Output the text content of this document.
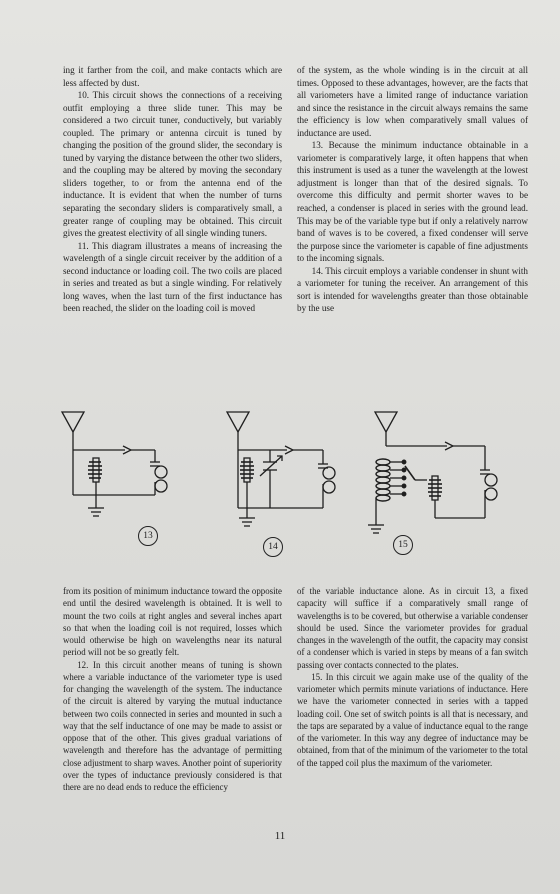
ing it farther from the coil, and make contacts which are less affected by dust.

10. This circuit shows the connections of a receiving outfit employing a three slide tuner. This may be considered a two circuit tuner, conductively, but variably coupled. The primary or antenna circuit is tuned by changing the position of the ground slider, the secondary is tuned by varying the distance between the other two sliders, and the coupling may be altered by moving the secondary sliders together, to or from the antenna end of the inductance. It is evident that when the number of turns separating the secondary sliders is comparatively small, a greater range of coupling may be obtained. This circuit gives the greatest electivity of all single winding tuners.

11. This diagram illustrates a means of increasing the wavelength of a single circuit receiver by the addition of a second inductance or loading coil. The two coils are placed in series and treated as but a single winding. For relatively long waves, when the last turn of the first inductance has been reached, the slider on the loading coil is moved

of the system, as the whole winding is in the circuit at all times. Opposed to these advantages, however, are the facts that all variometers have a limited range of inductance variation and since the resistance in the circuit always remains the same the efficiency is low when comparatively small values of inductance are used.

13. Because the minimum inductance obtainable in a variometer is comparatively large, it often happens that when this instrument is used as a tuner the wavelength at the lowest adjustment is longer than that of the desired signals. To overcome this difficulty and permit shorter waves to be reached, a condenser is placed in series with the ground lead. This may be of the variable type but if only a relatively narrow band of waves is to be covered, a fixed condenser will serve the purpose since the variometer is capable of fine adjustments to the incoming signals.

14. This circuit employs a variable condenser in shunt with a variometer for tuning the receiver. An arrangement of this sort is intended for wavelengths greater than those obtainable by the use

13
14	15

from its position of minimum inductance toward the opposite end until the desired wavelength is obtained. It is well to mount the two coils at right angles and several inches apart so that when the loading coil is not required, losses which would otherwise be high on wavelengths near its natural period will not be so greatly felt.

12. In this circuit another means of tuning is shown where a variable inductance of the variometer type is used for changing the wavelength of the system. The inductance of the circuit is altered by varying the mutual inductance between two coils connected in series and mounted in such a way that the self inductance of one may be made to assist or oppose that of the other. This gives gradual variations of wavelength and therefore has the advantage of permitting close adjustment to sharp waves. Another point of superiority over the types of inductance previously considered is that there are no dead ends to reduce the efficiency

of the variable inductance alone. As in circuit 13, a fixed capacity will suffice if a comparatively small range of wavelengths is to be covered, but otherwise a variable condenser should be used. Since the variometer provides for gradual changes in the wavelength of the outfit, the capacity may consist of a condenser which is varied in steps by means of a fan switch passing over contacts connected to the plates.

15. In this circuit we again make use of the quality of the variometer which permits minute variations of inductance. Here we have the variometer connected in series with a tapped loading coil. One set of switch points is all that is necessary, and the taps are separated by a value of inductance equal to the range of the variometer. In this way any degree of inductance may be obtained, from that of the minimum of the variometer to the total of the tapped coil plus the maximum of the variometer.

11
